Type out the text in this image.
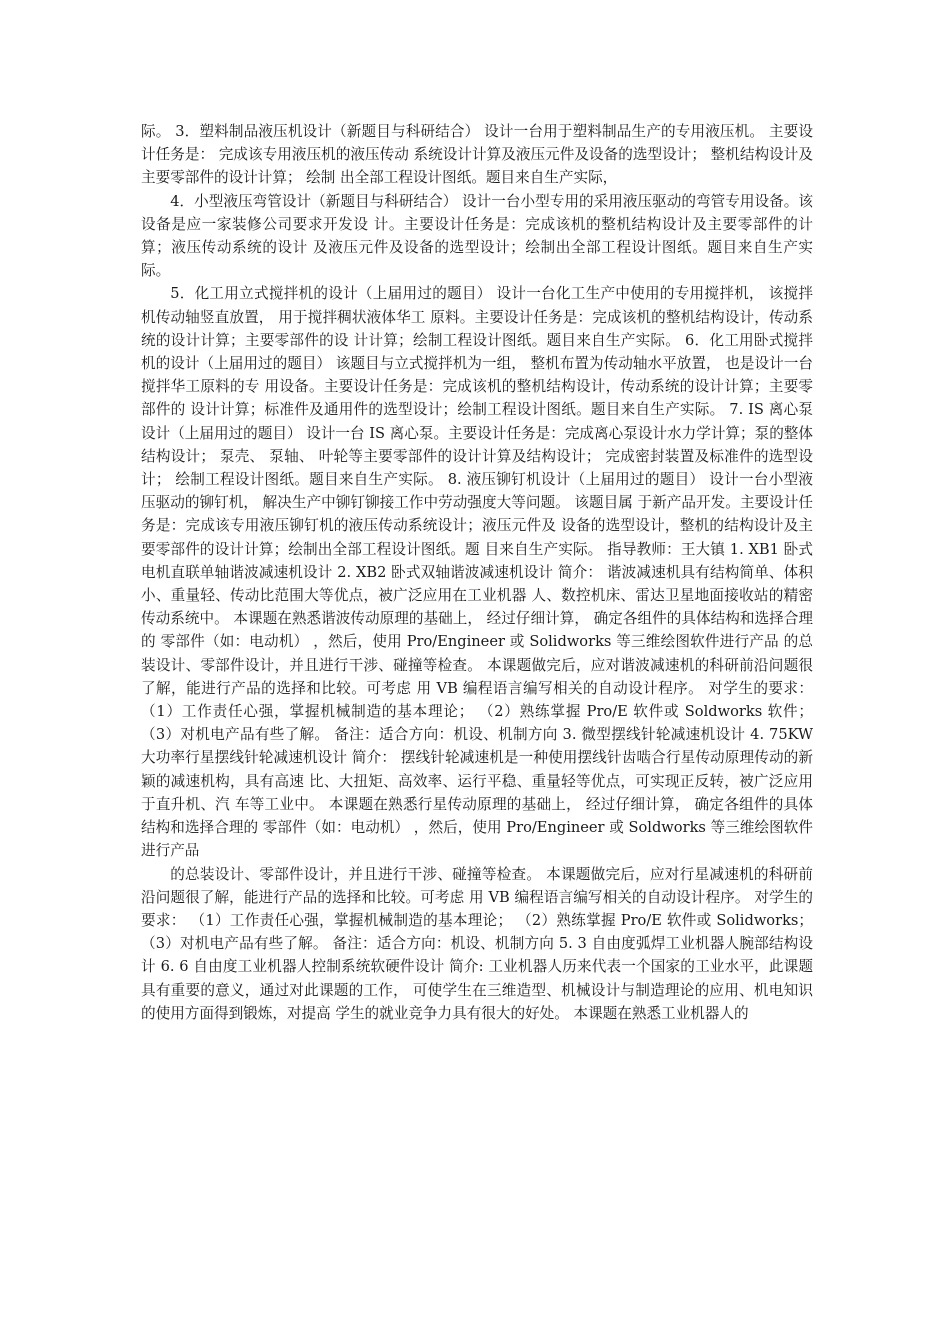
际。 3．塑料制品液压机设计（新题目与科研结合） 设计一台用于塑料制品生产的专用液压机。 主要设计任务是： 完成该专用液压机的液压传动 系统设计计算及液压元件及设备的选型设计； 整机结构设计及主要零部件的设计计算； 绘制 出全部工程设计图纸。题目来自生产实际，

4．小型液压弯管设计（新题目与科研结合） 设计一台小型专用的采用液压驱动的弯管专用设备。该设备是应一家装修公司要求开发设 计。主要设计任务是：完成该机的整机结构设计及主要零部件的计算；液压传动系统的设计 及液压元件及设备的选型设计；绘制出全部工程设计图纸。题目来自生产实际。

5．化工用立式搅拌机的设计（上届用过的题目） 设计一台化工生产中使用的专用搅拌机， 该搅拌机传动轴竖直放置， 用于搅拌稠状液体华工 原料。主要设计任务是：完成该机的整机结构设计，传动系统的设计计算；主要零部件的设 计计算；绘制工程设计图纸。题目来自生产实际。 6．化工用卧式搅拌机的设计（上届用过的题目） 该题目与立式搅拌机为一组， 整机布置为传动轴水平放置， 也是设计一台搅拌华工原料的专 用设备。主要设计任务是：完成该机的整机结构设计，传动系统的设计计算；主要零部件的 设计计算；标准件及通用件的选型设计；绘制工程设计图纸。题目来自生产实际。 7. IS 离心泵设计（上届用过的题目） 设计一台 IS 离心泵。主要设计任务是：完成离心泵设计水力学计算；泵的整体结构设计； 泵壳、 泵轴、 叶轮等主要零部件的设计计算及结构设计； 完成密封装置及标准件的选型设计； 绘制工程设计图纸。题目来自生产实际。 8. 液压铆钉机设计（上届用过的题目） 设计一台小型液压驱动的铆钉机， 解决生产中铆钉铆接工作中劳动强度大等问题。 该题目属 于新产品开发。主要设计任务是：完成该专用液压铆钉机的液压传动系统设计；液压元件及 设备的选型设计，整机的结构设计及主要零部件的设计计算；绘制出全部工程设计图纸。题 目来自生产实际。 指导教师：王大镇 1. XB1 卧式电机直联单轴谐波减速机设计 2. XB2 卧式双轴谐波减速机设计 简介： 谐波减速机具有结构简单、体积小、重量轻、传动比范围大等优点，被广泛应用在工业机器 人、数控机床、雷达卫星地面接收站的精密传动系统中。 本课题在熟悉谐波传动原理的基础上， 经过仔细计算， 确定各组件的具体结构和选择合理的 零部件（如：电动机） ，然后，使用 Pro/Engineer 或 Solidworks 等三维绘图软件进行产品 的总装设计、零部件设计，并且进行干涉、碰撞等检查。 本课题做完后，应对谐波减速机的科研前沿问题很了解，能进行产品的选择和比较。可考虑 用 VB 编程语言编写相关的自动设计程序。 对学生的要求： （1）工作责任心强，掌握机械制造的基本理论； （2）熟练掌握 Pro/E 软件或 Soldworks 软件； （3）对机电产品有些了解。 备注：适合方向：机设、机制方向 3. 微型摆线针轮减速机设计 4. 75KW 大功率行星摆线针轮减速机设计 简介： 摆线针轮减速机是一种使用摆线针齿啮合行星传动原理传动的新颖的减速机构，具有高速 比、大扭矩、高效率、运行平稳、重量轻等优点，可实现正反转，被广泛应用于直升机、汽 车等工业中。 本课题在熟悉行星传动原理的基础上， 经过仔细计算， 确定各组件的具体结构和选择合理的 零部件（如：电动机） ，然后，使用 Pro/Engineer 或 Soldworks 等三维绘图软件进行产品

的总装设计、零部件设计，并且进行干涉、碰撞等检查。 本课题做完后，应对行星减速机的科研前沿问题很了解，能进行产品的选择和比较。可考虑 用 VB 编程语言编写相关的自动设计程序。 对学生的要求： （1）工作责任心强，掌握机械制造的基本理论； （2）熟练掌握 Pro/E 软件或 Solidworks； （3）对机电产品有些了解。 备注：适合方向：机设、机制方向 5. 3 自由度弧焊工业机器人腕部结构设计 6. 6 自由度工业机器人控制系统软硬件设计 简介: 工业机器人历来代表一个国家的工业水平，此课题具有重要的意义，通过对此课题的工作， 可使学生在三维造型、机械设计与制造理论的应用、机电知识的使用方面得到锻炼，对提高 学生的就业竞争力具有很大的好处。 本课题在熟悉工业机器人的
